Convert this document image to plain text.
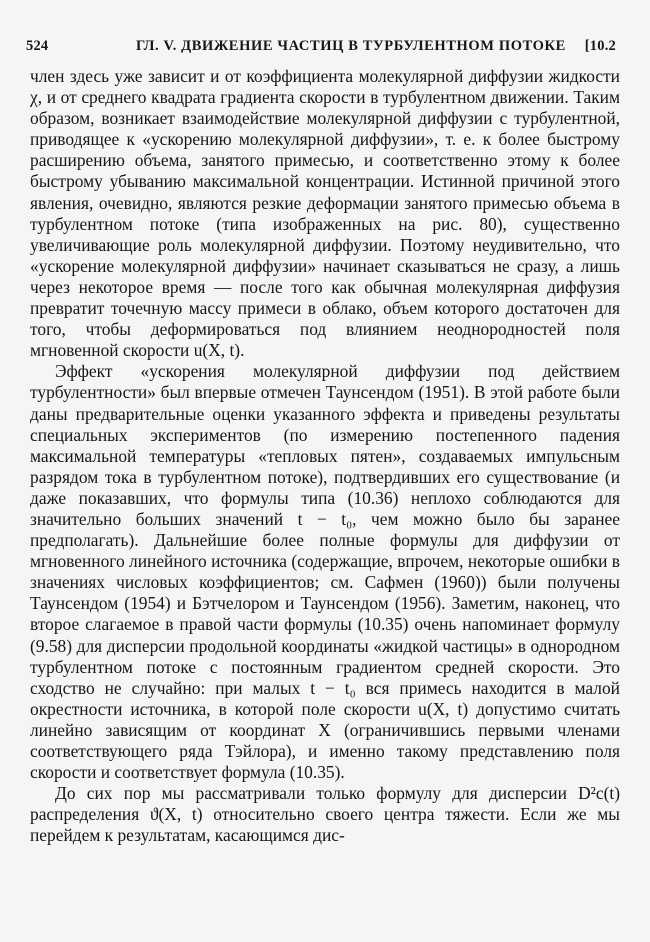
524	ГЛ. V. ДВИЖЕНИЕ ЧАСТИЦ В ТУРБУЛЕНТНОМ ПОТОКЕ [10.2

член здесь уже зависит и от коэффициента молекулярной диффузии жидкости χ, и от среднего квадрата градиента скорости в турбулентном движении. Таким образом, возникает взаимодействие молекулярной диффузии с турбулентной, приводящее к «ускорению молекулярной диффузии», т. е. к более быстрому расширению объема, занятого примесью, и соответственно этому к более быстрому убыванию максимальной концентрации. Истинной причиной этого явления, очевидно, являются резкие деформации занятого примесью объема в турбулентном потоке (типа изображенных на рис. 80), существенно увеличивающие роль молекулярной диффузии. Поэтому неудивительно, что «ускорение молекулярной диффузии» начинает сказываться не сразу, а лишь через некоторое время — после того как обычная молекулярная диффузия превратит точечную массу примеси в облако, объем которого достаточен для того, чтобы деформироваться под влиянием неоднородностей поля мгновенной скорости u(X, t).

Эффект «ускорения молекулярной диффузии под действием турбулентности» был впервые отмечен Таунсендом (1951). В этой работе были даны предварительные оценки указанного эффекта и приведены результаты специальных экспериментов (по измерению постепенного падения максимальной температуры «тепловых пятен», создаваемых импульсным разрядом тока в турбулентном потоке), подтвердивших его существование (и даже показавших, что формулы типа (10.36) неплохо соблюдаются для значительно больших значений t − t₀, чем можно было бы заранее предполагать). Дальнейшие более полные формулы для диффузии от мгновенного линейного источника (содержащие, впрочем, некоторые ошибки в значениях числовых коэффициентов; см. Сафмен (1960)) были получены Таунсендом (1954) и Бэтчелором и Таунсендом (1956). Заметим, наконец, что второе слагаемое в правой части формулы (10.35) очень напоминает формулу (9.58) для дисперсии продольной координаты «жидкой частицы» в однородном турбулентном потоке с постоянным градиентом средней скорости. Это сходство не случайно: при малых t − t₀ вся примесь находится в малой окрестности источника, в которой поле скорости u(X, t) допустимо считать линейно зависящим от координат X (ограничившись первыми членами соответствующего ряда Тэйлора), и именно такому представлению поля скорости и соответствует формула (10.35).

До сих пор мы рассматривали только формулу для дисперсии D²c(t) распределения ϑ(X, t) относительно своего центра тяжести. Если же мы перейдем к результатам, касающимся дис-
